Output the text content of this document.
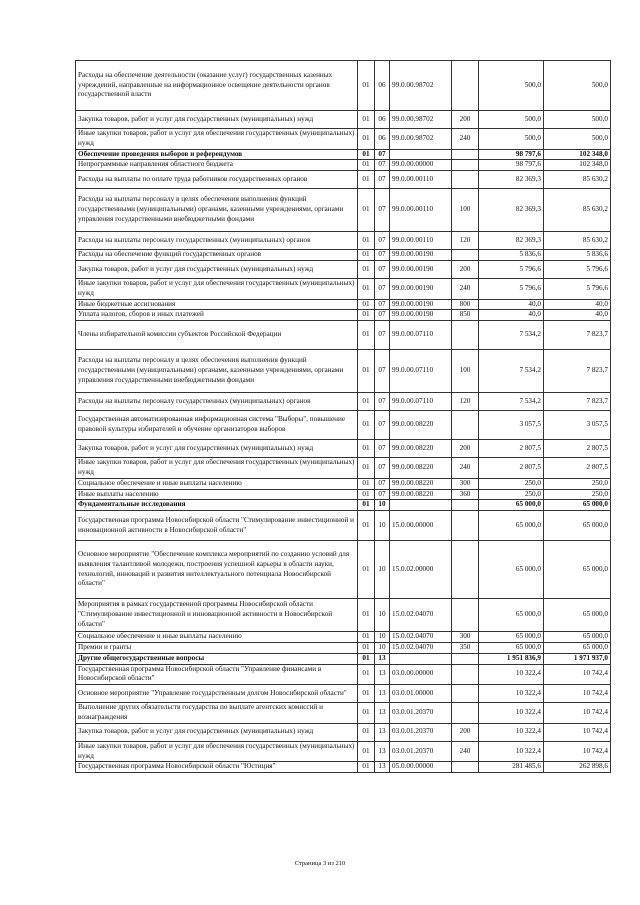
Расходы на обеспечение деятельности (оказание услуг) государственных казенных учреждений, направленные на информационное освещение деятельности органов государственной власти	01	06	99.0.00.98702		500,0	500,0
Закупка товаров, работ и услуг для государственных (муниципальных) нужд	01	06	99.0.00.98702	200	500,0	500,0
Иные закупки товаров, работ и услуг для обеспечения государственных (муниципальных) нужд	01	06	99.0.00.98702	240	500,0	500,0
Обеспечение проведения выборов и референдумов	01	07			98 797,6	102 348,0
Непрограммные направления областного бюджета	01	07	99.0.00.00000		98 797,6	102 348,0
Расходы на выплаты по оплате труда работников государственных органов	01	07	99.0.00.00110		82 369,3	85 630,2
Расходы на выплаты персоналу в целях обеспечения выполнения функций государственными (муниципальными) органами, казенными учреждениями, органами управления государственными внебюджетными фондами	01	07	99.0.00.00110	100	82 369,3	85 630,2
Расходы на выплаты персоналу государственных (муниципальных) органов	01	07	99.0.00.00110	120	82 369,3	85 630,2
Расходы на обеспечение функций государственных органов	01	07	99.0.00.00190		5 836,6	5 836,6
Закупка товаров, работ и услуг для государственных (муниципальных) нужд	01	07	99.0.00.00190	200	5 796,6	5 796,6
Иные закупки товаров, работ и услуг для обеспечения государственных (муниципальных) нужд	01	07	99.0.00.00190	240	5 796,6	5 796,6
Иные бюджетные ассигнования	01	07	99.0.00.00190	800	40,0	40,0
Уплата налогов, сборов и иных платежей	01	07	99.0.00.00190	850	40,0	40,0
Члены избирательной комиссии субъектов Российской Федерации	01	07	99.0.00.07110		7 534,2	7 823,7
Расходы на выплаты персоналу в целях обеспечения выполнения функций государственными (муниципальными) органами, казенными учреждениями, органами управления государственными внебюджетными фондами	01	07	99.0.00.07110	100	7 534,2	7 823,7
Расходы на выплаты персоналу государственных (муниципальных) органов	01	07	99.0.00.07110	120	7 534,2	7 823,7
Государственная автоматизированная информационная система "Выборы", повышение правовой культуры избирателей и обучение организаторов выборов	01	07	99.0.00.08220		3 057,5	3 057,5
Закупка товаров, работ и услуг для государственных (муниципальных) нужд	01	07	99.0.00.08220	200	2 807,5	2 807,5
Иные закупки товаров, работ и услуг для обеспечения государственных (муниципальных) нужд	01	07	99.0.00.08220	240	2 807,5	2 807,5
Социальное обеспечение и иные выплаты населению	01	07	99.0.00.08220	300	250,0	250,0
Иные выплаты населению	01	07	99.0.00.08220	360	250,0	250,0
Фундаментальные исследования	01	10			65 000,0	65 000,0
Государственная программа Новосибирской области "Стимулирование инвестиционной и инновационной активности в Новосибирской области"	01	10	15.0.00.00000		65 000,0	65 000,0
Основное мероприятие "Обеспечение комплекса мероприятий по созданию условий для выявления талантливой молодежи, построения успешной карьеры в области науки, технологий, инноваций и развития интеллектуального потенциала Новосибирской области"	01	10	15.0.02.00000		65 000,0	65 000,0
Мероприятия в рамках государственной программы Новосибирской области "Стимулирование инвестиционной и инновационной активности в Новосибирской области"	01	10	15.0.02.04070		65 000,0	65 000,0
Социальное обеспечение и иные выплаты населению	01	10	15.0.02.04070	300	65 000,0	65 000,0
Премии и гранты	01	10	15.0.02.04070	350	65 000,0	65 000,0
Другие общегосударственные вопросы	01	13			1 951 836,9	1 971 937,0
Государственная программа Новосибирской области "Управление финансами в Новосибирской области"	01	13	03.0.00.00000		10 322,4	10 742,4
Основное мероприятие "Управление государственным долгом Новосибирской области"	01	13	03.0.01.00000		10 322,4	10 742,4
Выполнение других обязательств государства по выплате агентских комиссий и вознаграждения	01	13	03.0.01.20370		10 322,4	10 742,4
Закупка товаров, работ и услуг для государственных (муниципальных) нужд	01	13	03.0.01.20370	200	10 322,4	10 742,4
Иные закупки товаров, работ и услуг для обеспечения государственных (муниципальных) нужд	01	13	03.0.01.20370	240	10 322,4	10 742,4
Государственная программа Новосибирской области "Юстиция"	01	13	05.0.00.00000		281 485,6	262 898,6
Страница 3 из 210
